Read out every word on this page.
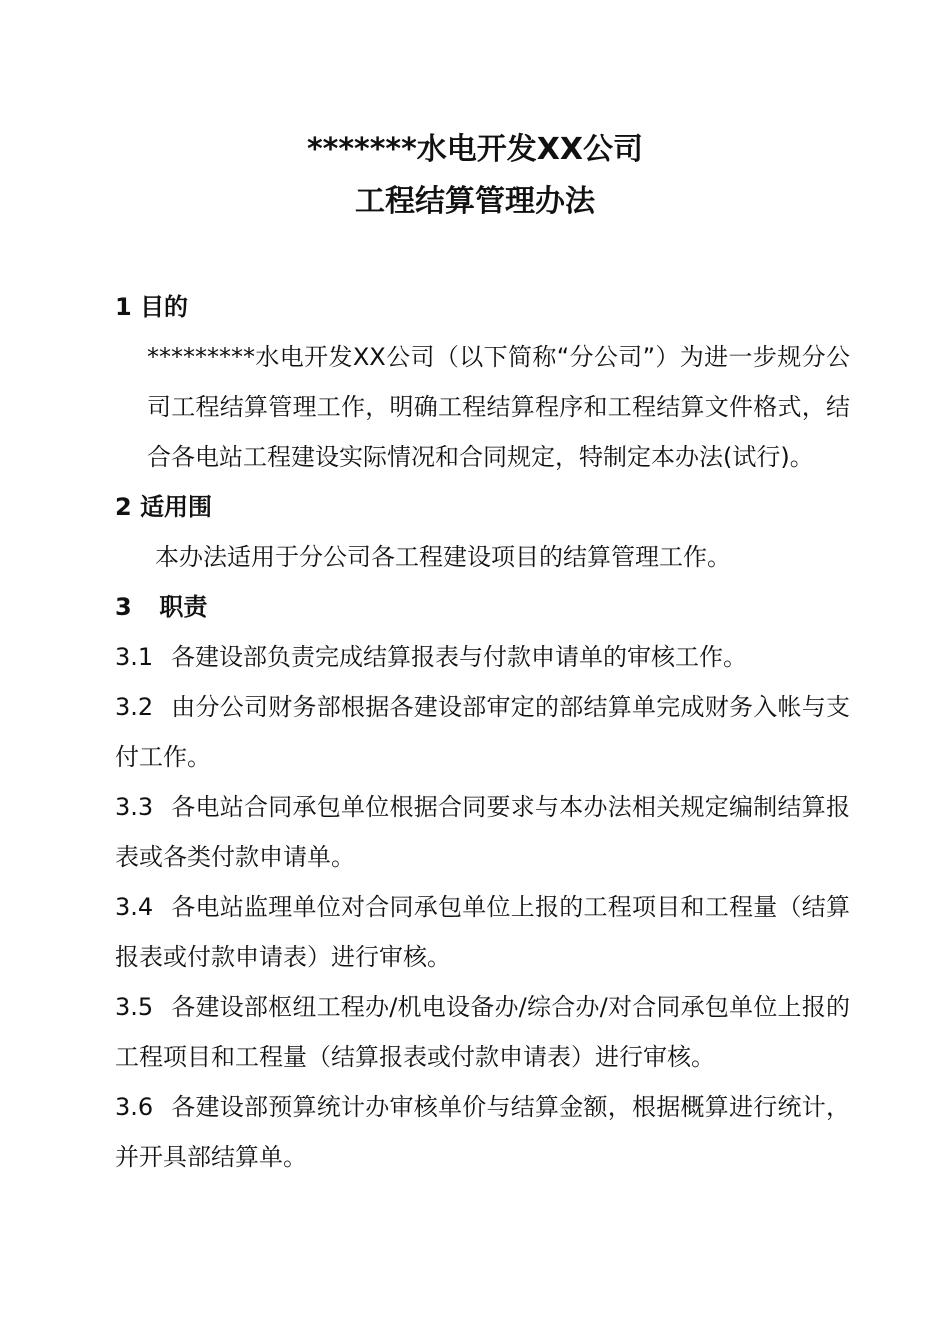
*******水电开发XX公司
工程结算管理办法
1 目的
*********水电开发XX公司（以下简称“分公司”）为进一步规分公司工程结算管理工作，明确工程结算程序和工程结算文件格式，结合各电站工程建设实际情况和合同规定，特制定本办法(试行)。
2 适用围
本办法适用于分公司各工程建设项目的结算管理工作。
3 职责
3.1 各建设部负责完成结算报表与付款申请单的审核工作。
3.2 由分公司财务部根据各建设部审定的部结算单完成财务入帐与支付工作。
3.3 各电站合同承包单位根据合同要求与本办法相关规定编制结算报表或各类付款申请单。
3.4 各电站监理单位对合同承包单位上报的工程项目和工程量（结算报表或付款申请表）进行审核。
3.5 各建设部枢纽工程办/机电设备办/综合办/对合同承包单位上报的工程项目和工程量（结算报表或付款申请表）进行审核。
3.6 各建设部预算统计办审核单价与结算金额，根据概算进行统计，并开具部结算单。
